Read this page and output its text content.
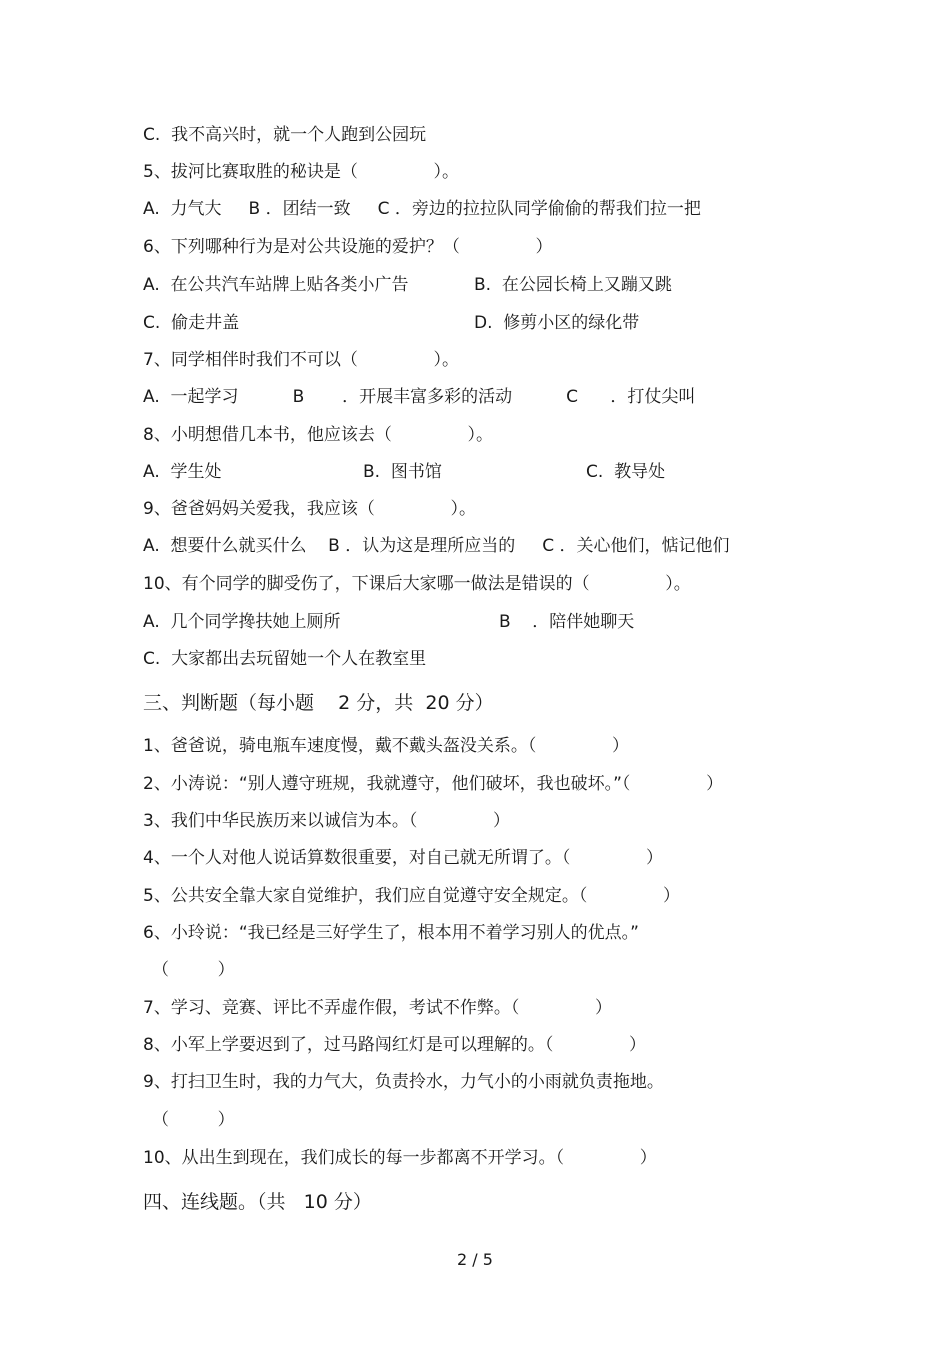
C.  我不高兴时，就一个人跑到公园玩
5、拔河比赛取胜的秘诀是（              ）。
A.  力气大     B ．团结一致     C ．旁边的拉拉队同学偷偷的帮我们拉一把
6、下列哪种行为是对公共设施的爱护？（              ）
A.  在公共汽车站牌上贴各类小广告	B.  在公园长椅上又蹦又跳
C.  偷走井盖	D.  修剪小区的绿化带
7、同学相伴时我们不可以（              ）。
A.  一起学习          B       ．开展丰富多彩的活动          C      ．打仗尖叫
8、小明想借几本书，他应该去（              ）。
A.  学生处	B.  图书馆	C.  教导处
9、爸爸妈妈关爱我，我应该（              ）。
A.  想要什么就买什么    B ．认为这是理所应当的     C ．关心他们，惦记他们
10、有个同学的脚受伤了，下课后大家哪一做法是错误的（              ）。
A.  几个同学搀扶她上厕所	B    ．陪伴她聊天
C.  大家都出去玩留她一个人在教室里
三、判断题（每小题    2 分，共  20 分）
1、爸爸说，骑电瓶车速度慢，戴不戴头盔没关系。（              ）
2、小涛说：“别人遵守班规，我就遵守，他们破坏，我也破坏。”（              ）
3、我们中华民族历来以诚信为本。（              ）
4、一个人对他人说话算数很重要，对自己就无所谓了。（              ）
5、公共安全靠大家自觉维护，我们应自觉遵守安全规定。（              ）
6、小玲说：“我已经是三好学生了，根本用不着学习别人的优点。”
（         ）
7、学习、竞赛、评比不弄虚作假，考试不作弊。（              ）
8、小军上学要迟到了，过马路闯红灯是可以理解的。（              ）
9、打扫卫生时，我的力气大，负责拎水，力气小的小雨就负责拖地。
（         ）
10、从出生到现在，我们成长的每一步都离不开学习。（              ）
四、连线题。（共   10 分）
2 / 5
